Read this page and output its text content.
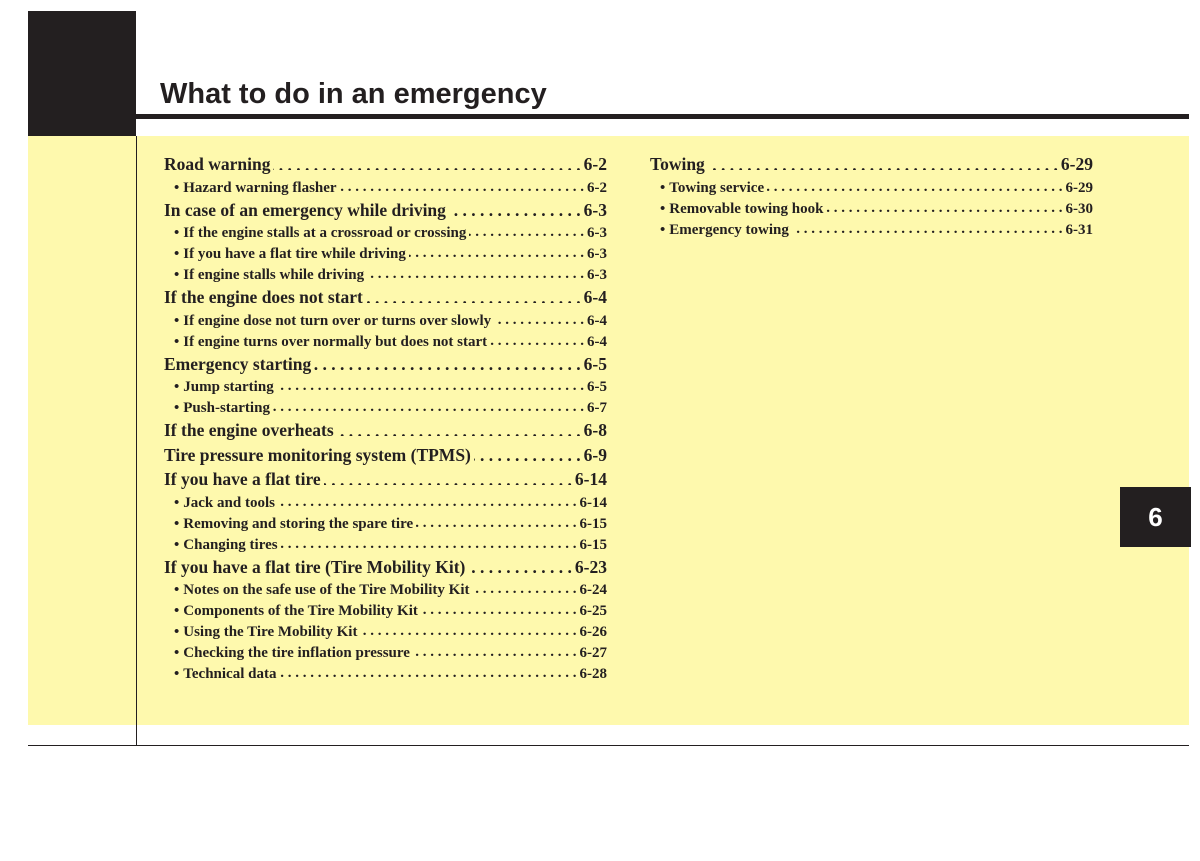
What to do in an emergency
6
Road warning . . .	6-2
• Hazard warning flasher . . .	6-2
In case of an emergency while driving . . .	6-3
• If the engine stalls at a crossroad or crossing . . .	6-3
• If you have a flat tire while driving . . .	6-3
• If engine stalls while driving . . .	6-3
If the engine does not start . . .	6-4
• If engine dose not turn over or turns over slowly . . .	6-4
• If engine turns over normally but does not start . . .	6-4
Emergency starting . . .	6-5
• Jump starting . . .	6-5
• Push-starting . . .	6-7
If the engine overheats . . .	6-8
Tire pressure monitoring system (TPMS) . . .	6-9
If you have a flat tire . . .	6-14
• Jack and tools . . .	6-14
• Removing and storing the spare tire . . .	6-15
• Changing tires . . .	6-15
If you have a flat tire (Tire Mobility Kit) . . .	6-23
• Notes on the safe use of the Tire Mobility Kit . . .	6-24
• Components of the Tire Mobility Kit . . .	6-25
• Using the Tire Mobility Kit . . .	6-26
• Checking the tire inflation pressure . . .	6-27
• Technical data . . .	6-28
Towing . . .	6-29
• Towing service . . .	6-29
• Removable towing hook . . .	6-30
• Emergency towing . . .	6-31
